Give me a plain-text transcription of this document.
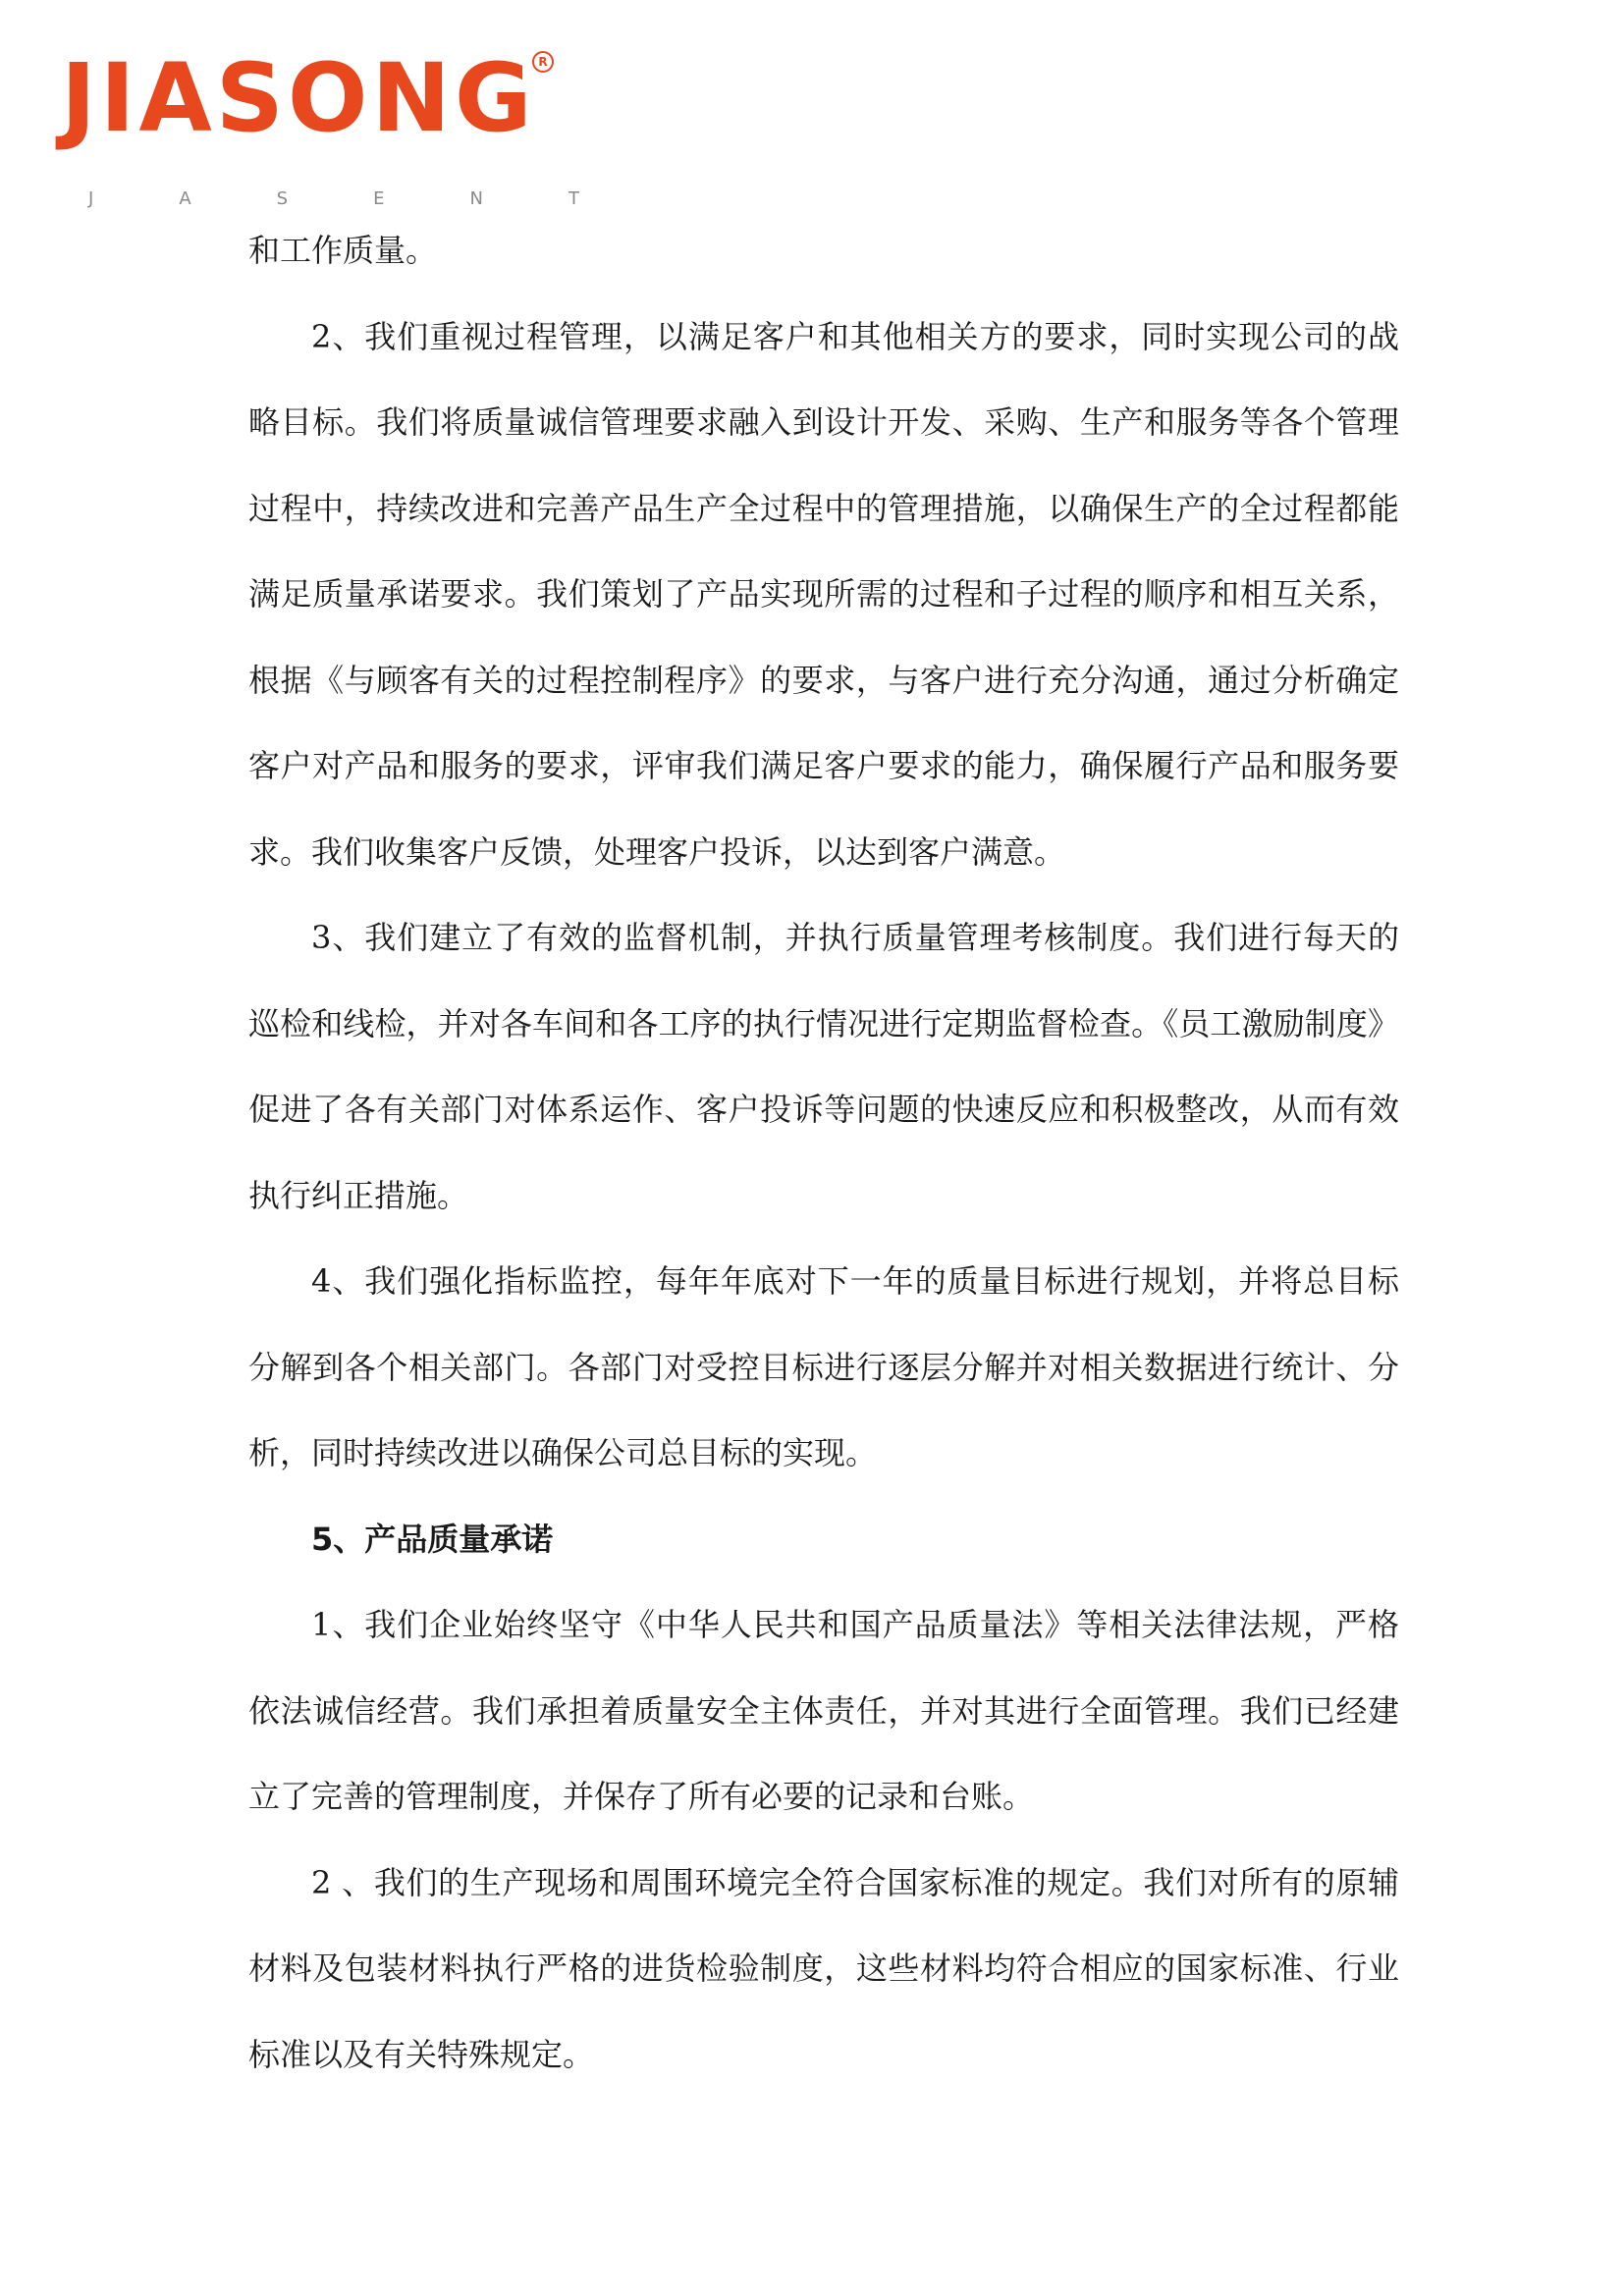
JIASONG R
J	A	S	E	N	T

和工作质量。

2、我们重视过程管理，以满足客户和其他相关方的要求，同时实现公司的战略目标。我们将质量诚信管理要求融入到设计开发、采购、生产和服务等各个管理过程中，持续改进和完善产品生产全过程中的管理措施，以确保生产的全过程都能满足质量承诺要求。我们策划了产品实现所需的过程和子过程的顺序和相互关系，根据《与顾客有关的过程控制程序》的要求，与客户进行充分沟通，通过分析确定客户对产品和服务的要求，评审我们满足客户要求的能力，确保履行产品和服务要求。我们收集客户反馈，处理客户投诉，以达到客户满意。

3、我们建立了有效的监督机制，并执行质量管理考核制度。我们进行每天的巡检和线检，并对各车间和各工序的执行情况进行定期监督检查。《员工激励制度》促进了各有关部门对体系运作、客户投诉等问题的快速反应和积极整改，从而有效执行纠正措施。

4、我们强化指标监控，每年年底对下一年的质量目标进行规划，并将总目标分解到各个相关部门。各部门对受控目标进行逐层分解并对相关数据进行统计、分析，同时持续改进以确保公司总目标的实现。

5、产品质量承诺

1、我们企业始终坚守《中华人民共和国产品质量法》等相关法律法规，严格依法诚信经营。我们承担着质量安全主体责任，并对其进行全面管理。我们已经建立了完善的管理制度，并保存了所有必要的记录和台账。

2 、我们的生产现场和周围环境完全符合国家标准的规定。我们对所有的原辅材料及包装材料执行严格的进货检验制度，这些材料均符合相应的国家标准、行业标准以及有关特殊规定。
